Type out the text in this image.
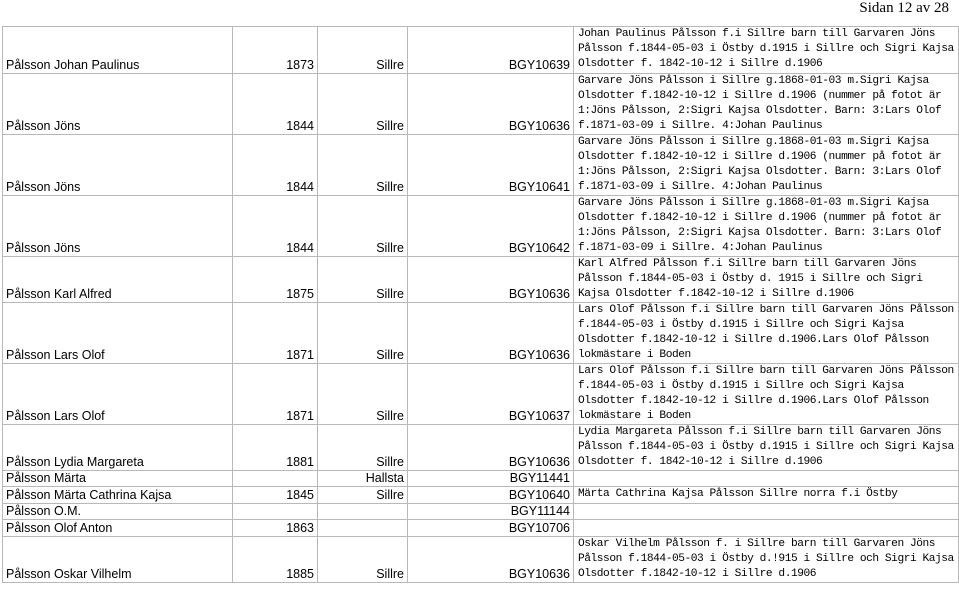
Sidan 12 av 28
Pålsson Johan Paulinus	1873	Sillre	BGY10639	Johan Paulinus Pålsson f.i Sillre barn till Garvaren Jöns Pålsson f.1844-05-03 i Östby d.1915 i Sillre och Sigri Kajsa Olsdotter f. 1842-10-12 i Sillre d.1906
Pålsson Jöns	1844	Sillre	BGY10636	Garvare Jöns Pålsson i Sillre g.1868-01-03 m.Sigri Kajsa Olsdotter f.1842-10-12 i Sillre d.1906 (nummer på fotot är 1:Jöns Pålsson, 2:Sigri Kajsa Olsdotter. Barn: 3:Lars Olof f.1871-03-09 i Sillre. 4:Johan Paulinus
Pålsson Jöns	1844	Sillre	BGY10641	Garvare Jöns Pålsson i Sillre g.1868-01-03 m.Sigri Kajsa Olsdotter f.1842-10-12 i Sillre d.1906 (nummer på fotot är 1:Jöns Pålsson, 2:Sigri Kajsa Olsdotter. Barn: 3:Lars Olof f.1871-03-09 i Sillre. 4:Johan Paulinus
Pålsson Jöns	1844	Sillre	BGY10642	Garvare Jöns Pålsson i Sillre g.1868-01-03 m.Sigri Kajsa Olsdotter f.1842-10-12 i Sillre d.1906 (nummer på fotot är 1:Jöns Pålsson, 2:Sigri Kajsa Olsdotter. Barn: 3:Lars Olof f.1871-03-09 i Sillre. 4:Johan Paulinus
Pålsson Karl Alfred	1875	Sillre	BGY10636	Karl Alfred Pålsson f.i Sillre barn till Garvaren Jöns Pålsson f.1844-05-03 i Östby d. 1915 i Sillre och Sigri Kajsa Olsdotter f.1842-10-12 i Sillre d.1906
Pålsson Lars Olof	1871	Sillre	BGY10636	Lars Olof Pålsson f.i Sillre barn till Garvaren Jöns Pålsson f.1844-05-03 i Östby d.1915 i Sillre och Sigri Kajsa Olsdotter f.1842-10-12 i Sillre d.1906.Lars Olof Pålsson lokmästare i Boden
Pålsson Lars Olof	1871	Sillre	BGY10637	Lars Olof Pålsson f.i Sillre barn till Garvaren Jöns Pålsson f.1844-05-03 i Östby d.1915 i Sillre och Sigri Kajsa Olsdotter f.1842-10-12 i Sillre d.1906.Lars Olof Pålsson lokmästare i Boden
Pålsson Lydia Margareta	1881	Sillre	BGY10636	Lydia Margareta Pålsson f.i Sillre barn till Garvaren Jöns Pålsson f.1844-05-03 i Östby d.1915 i Sillre och Sigri Kajsa Olsdotter f. 1842-10-12 i Sillre d.1906
Pålsson Märta		Hallsta	BGY11441	
Pålsson Märta Cathrina Kajsa	1845	Sillre	BGY10640	Märta Cathrina Kajsa Pålsson Sillre norra f.i Östby
Pålsson O.M.			BGY11144	
Pålsson Olof Anton	1863		BGY10706	
Pålsson Oskar Vilhelm	1885	Sillre	BGY10636	Oskar Vilhelm Pålsson f. i Sillre barn till Garvaren Jöns Pålsson f.1844-05-03 i Östby d.!915 i Sillre och Sigri Kajsa Olsdotter f.1842-10-12 i Sillre d.1906
